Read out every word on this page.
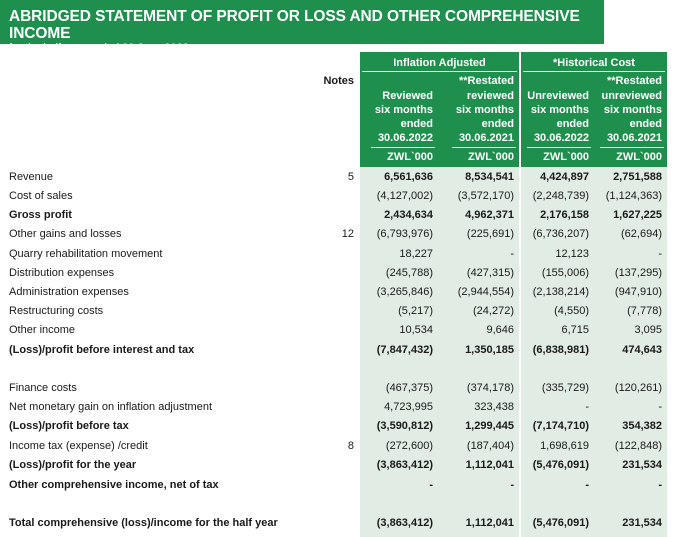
ABRIDGED STATEMENT OF PROFIT OR LOSS AND OTHER COMPREHENSIVE INCOME
for the half year ended 30 June 2022
Inflation Adjusted	*Historical Cost
Notes
Reviewed
six months
ended
30.06.2022
ZWL`000
**Restated
reviewed
six months
ended
30.06.2021
ZWL`000
Unreviewed
six months
ended
30.06.2022
ZWL`000
**Restated
unreviewed
six months
ended
30.06.2021
ZWL`000
Revenue	5	6,561,636	8,534,541	4,424,897	2,751,588
Cost of sales	(4,127,002)	(3,572,170)	(2,248,739)	(1,124,363)
Gross profit	2,434,634	4,962,371	2,176,158	1,627,225
Other gains and losses	12	(6,793,976)	(225,691)	(6,736,207)	(62,694)
Quarry rehabilitation movement	18,227	-	12,123	-
Distribution expenses	(245,788)	(427,315)	(155,006)	(137,295)
Administration expenses	(3,265,846)	(2,944,554)	(2,138,214)	(947,910)
Restructuring costs	(5,217)	(24,272)	(4,550)	(7,778)
Other income	10,534	9,646	6,715	3,095
(Loss)/profit before interest and tax	(7,847,432)	1,350,185	(6,838,981)	474,643
Finance costs	(467,375)	(374,178)	(335,729)	(120,261)
Net monetary gain on inflation adjustment	4,723,995	323,438	-	-
(Loss)/profit before tax	(3,590,812)	1,299,445	(7,174,710)	354,382
Income tax (expense) /credit	8	(272,600)	(187,404)	1,698,619	(122,848)
(Loss)/profit for the year	(3,863,412)	1,112,041	(5,476,091)	231,534
Other comprehensive income, net of tax	-	-	-	-
Total comprehensive (loss)/income for the half year	(3,863,412)	1,112,041	(5,476,091)	231,534
